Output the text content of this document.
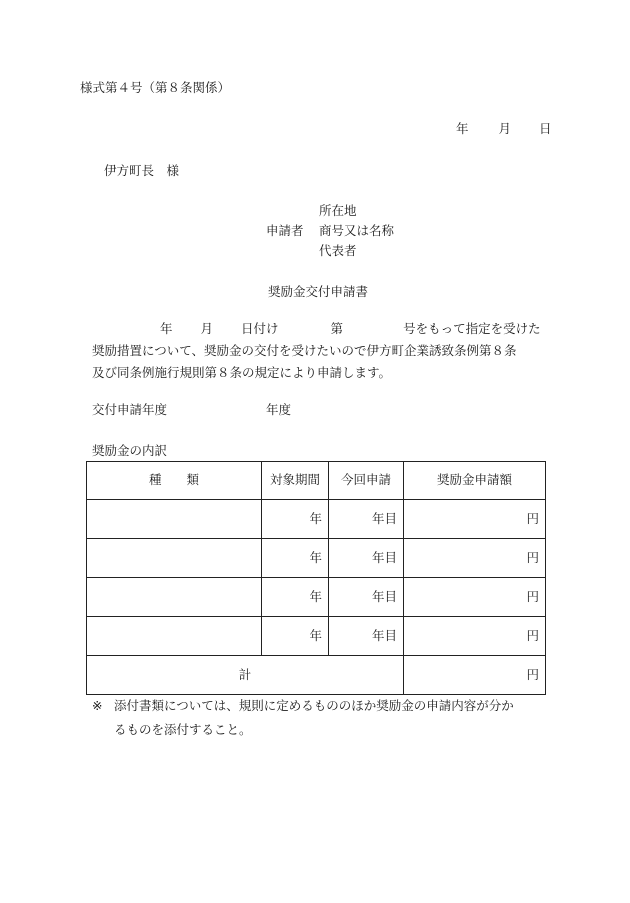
様式第４号（第８条関係）
年 月 日
伊方町長　様
所在地
申請者 商号又は名称
代表者
奨励金交付申請書
年 月 日付け	第	号をもって指定を受けた
奨励措置について、奨励金の交付を受けたいので伊方町企業誘致条例第８条
及び同条例施行規則第８条の規定により申請します。
交付申請年度	年度
奨励金の内訳
種　　類	対象期間	今回申請	奨励金申請額
	年	年目	円
	年	年目	円
	年	年目	円
	年	年目	円
計			円
※ 添付書類については、規則に定めるもののほか奨励金の申請内容が分か
るものを添付すること。
